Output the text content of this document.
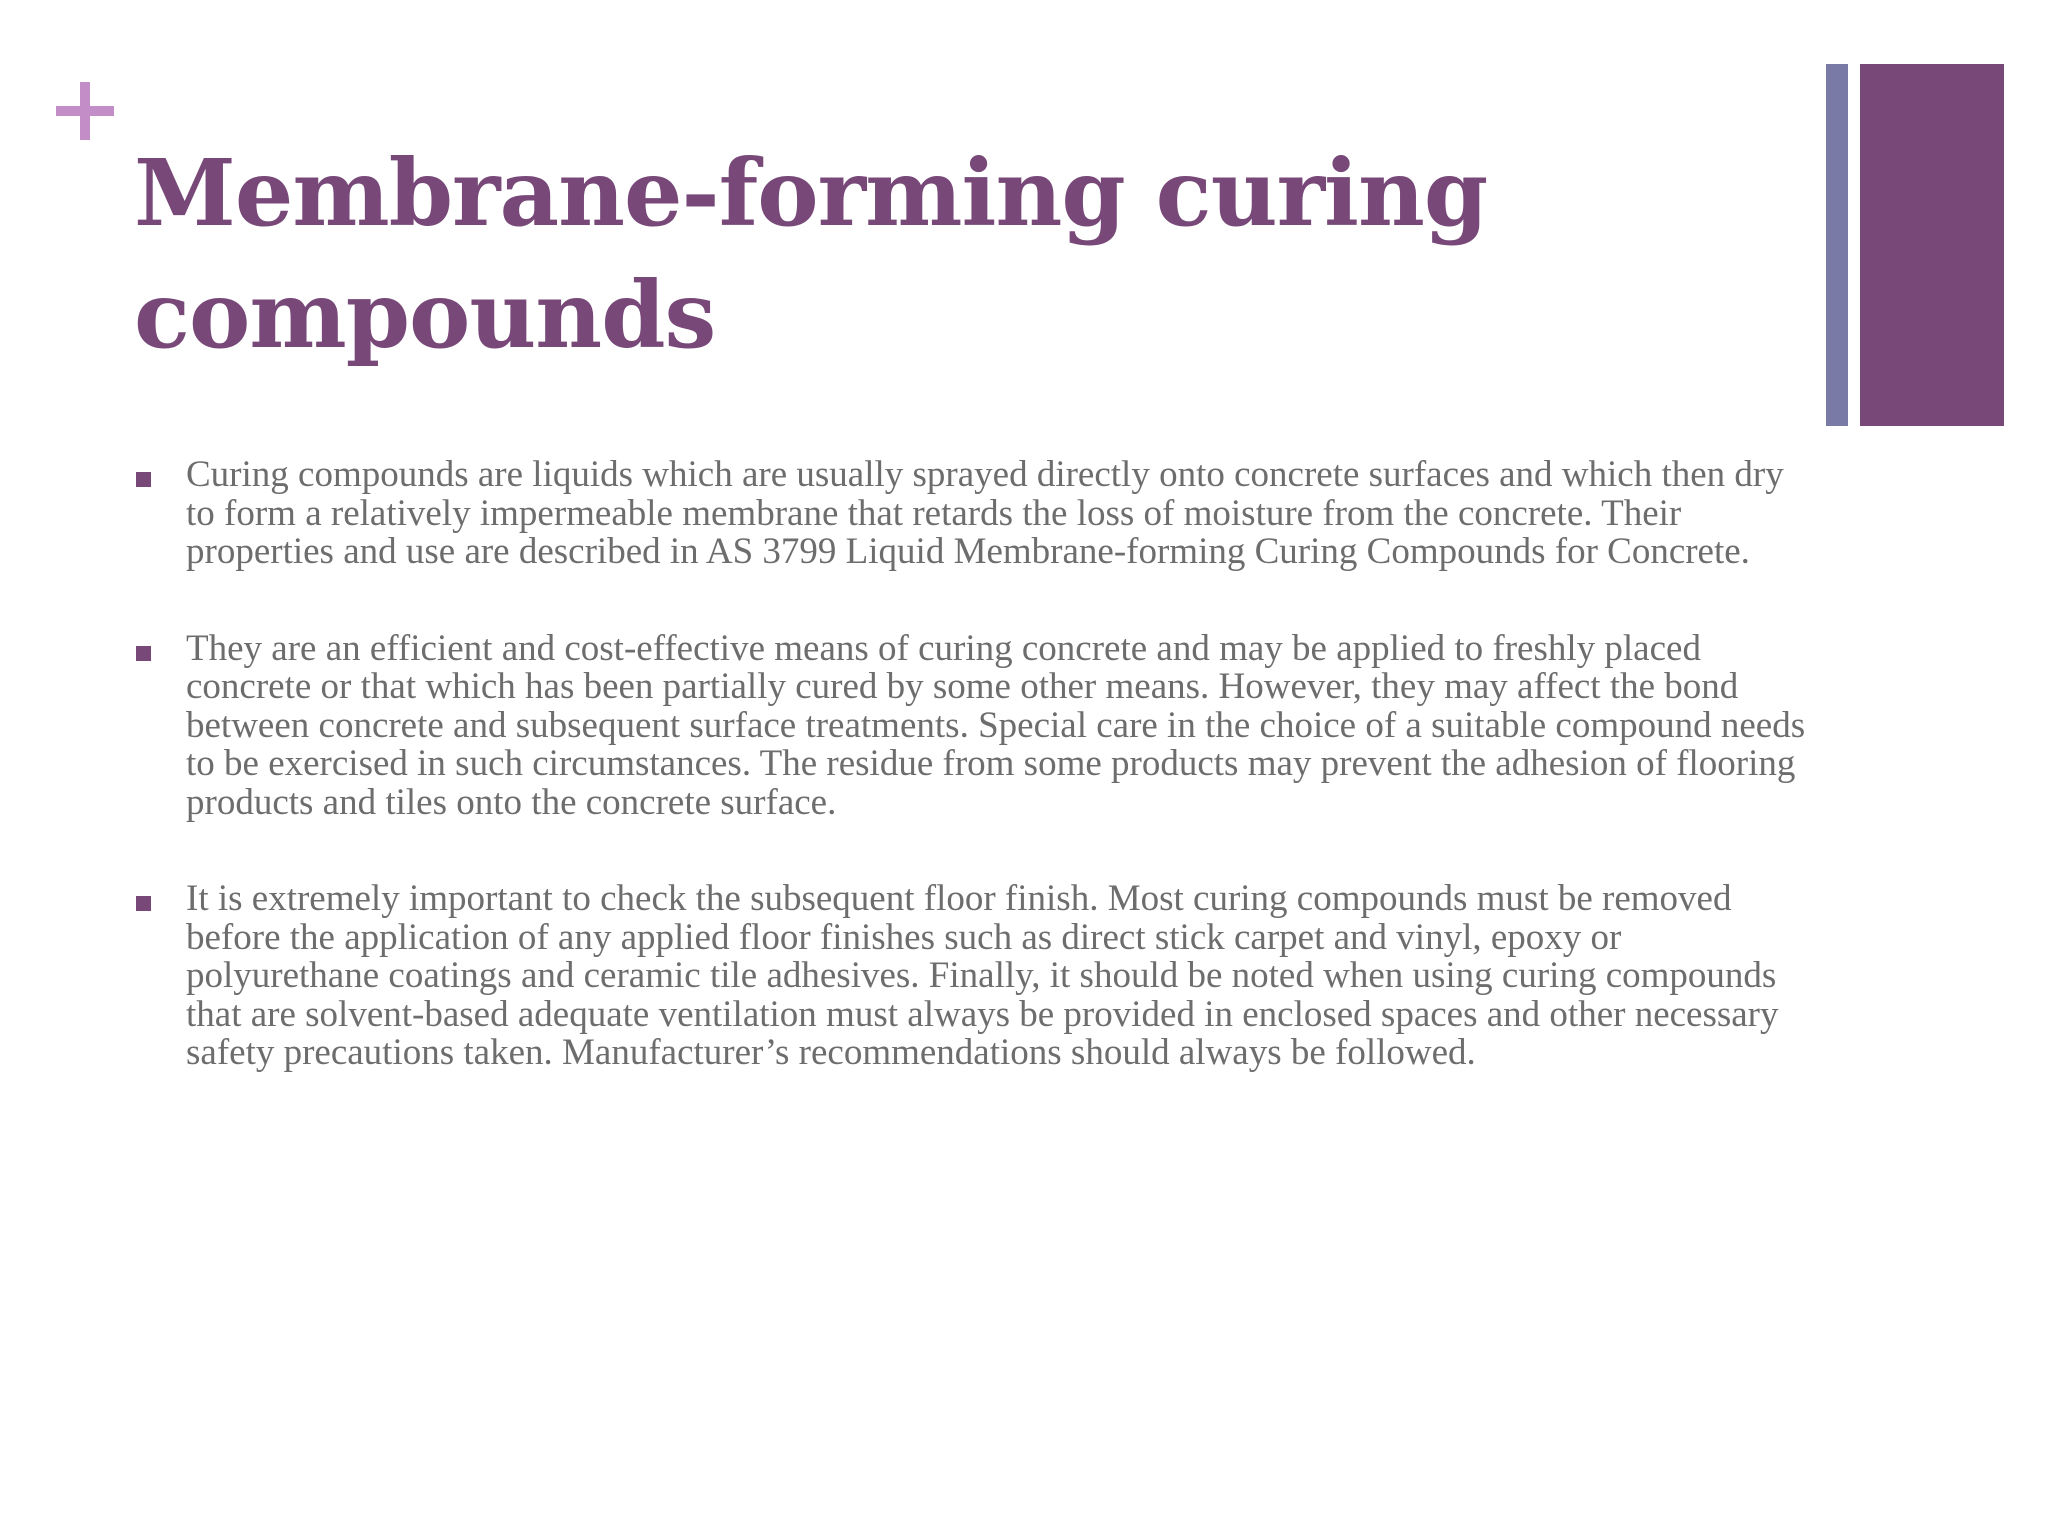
Membrane-forming curing compounds
Curing compounds are liquids which are usually sprayed directly onto concrete surfaces and which then dry to form a relatively impermeable membrane that retards the loss of moisture from the concrete. Their properties and use are described in AS 3799 Liquid Membrane-forming Curing Compounds for Concrete.
They are an efficient and cost-effective means of curing concrete and may be applied to freshly placed concrete or that which has been partially cured by some other means. However, they may affect the bond between concrete and subsequent surface treatments. Special care in the choice of a suitable compound needs to be exercised in such circumstances. The residue from some products may prevent the adhesion of flooring products and tiles onto the concrete surface.
It is extremely important to check the subsequent floor finish. Most curing compounds must be removed before the application of any applied floor finishes such as direct stick carpet and vinyl, epoxy or polyurethane coatings and ceramic tile adhesives. Finally, it should be noted when using curing compounds that are solvent-based adequate ventilation must always be provided in enclosed spaces and other necessary safety precautions taken. Manufacturer’s recommendations should always be followed.
